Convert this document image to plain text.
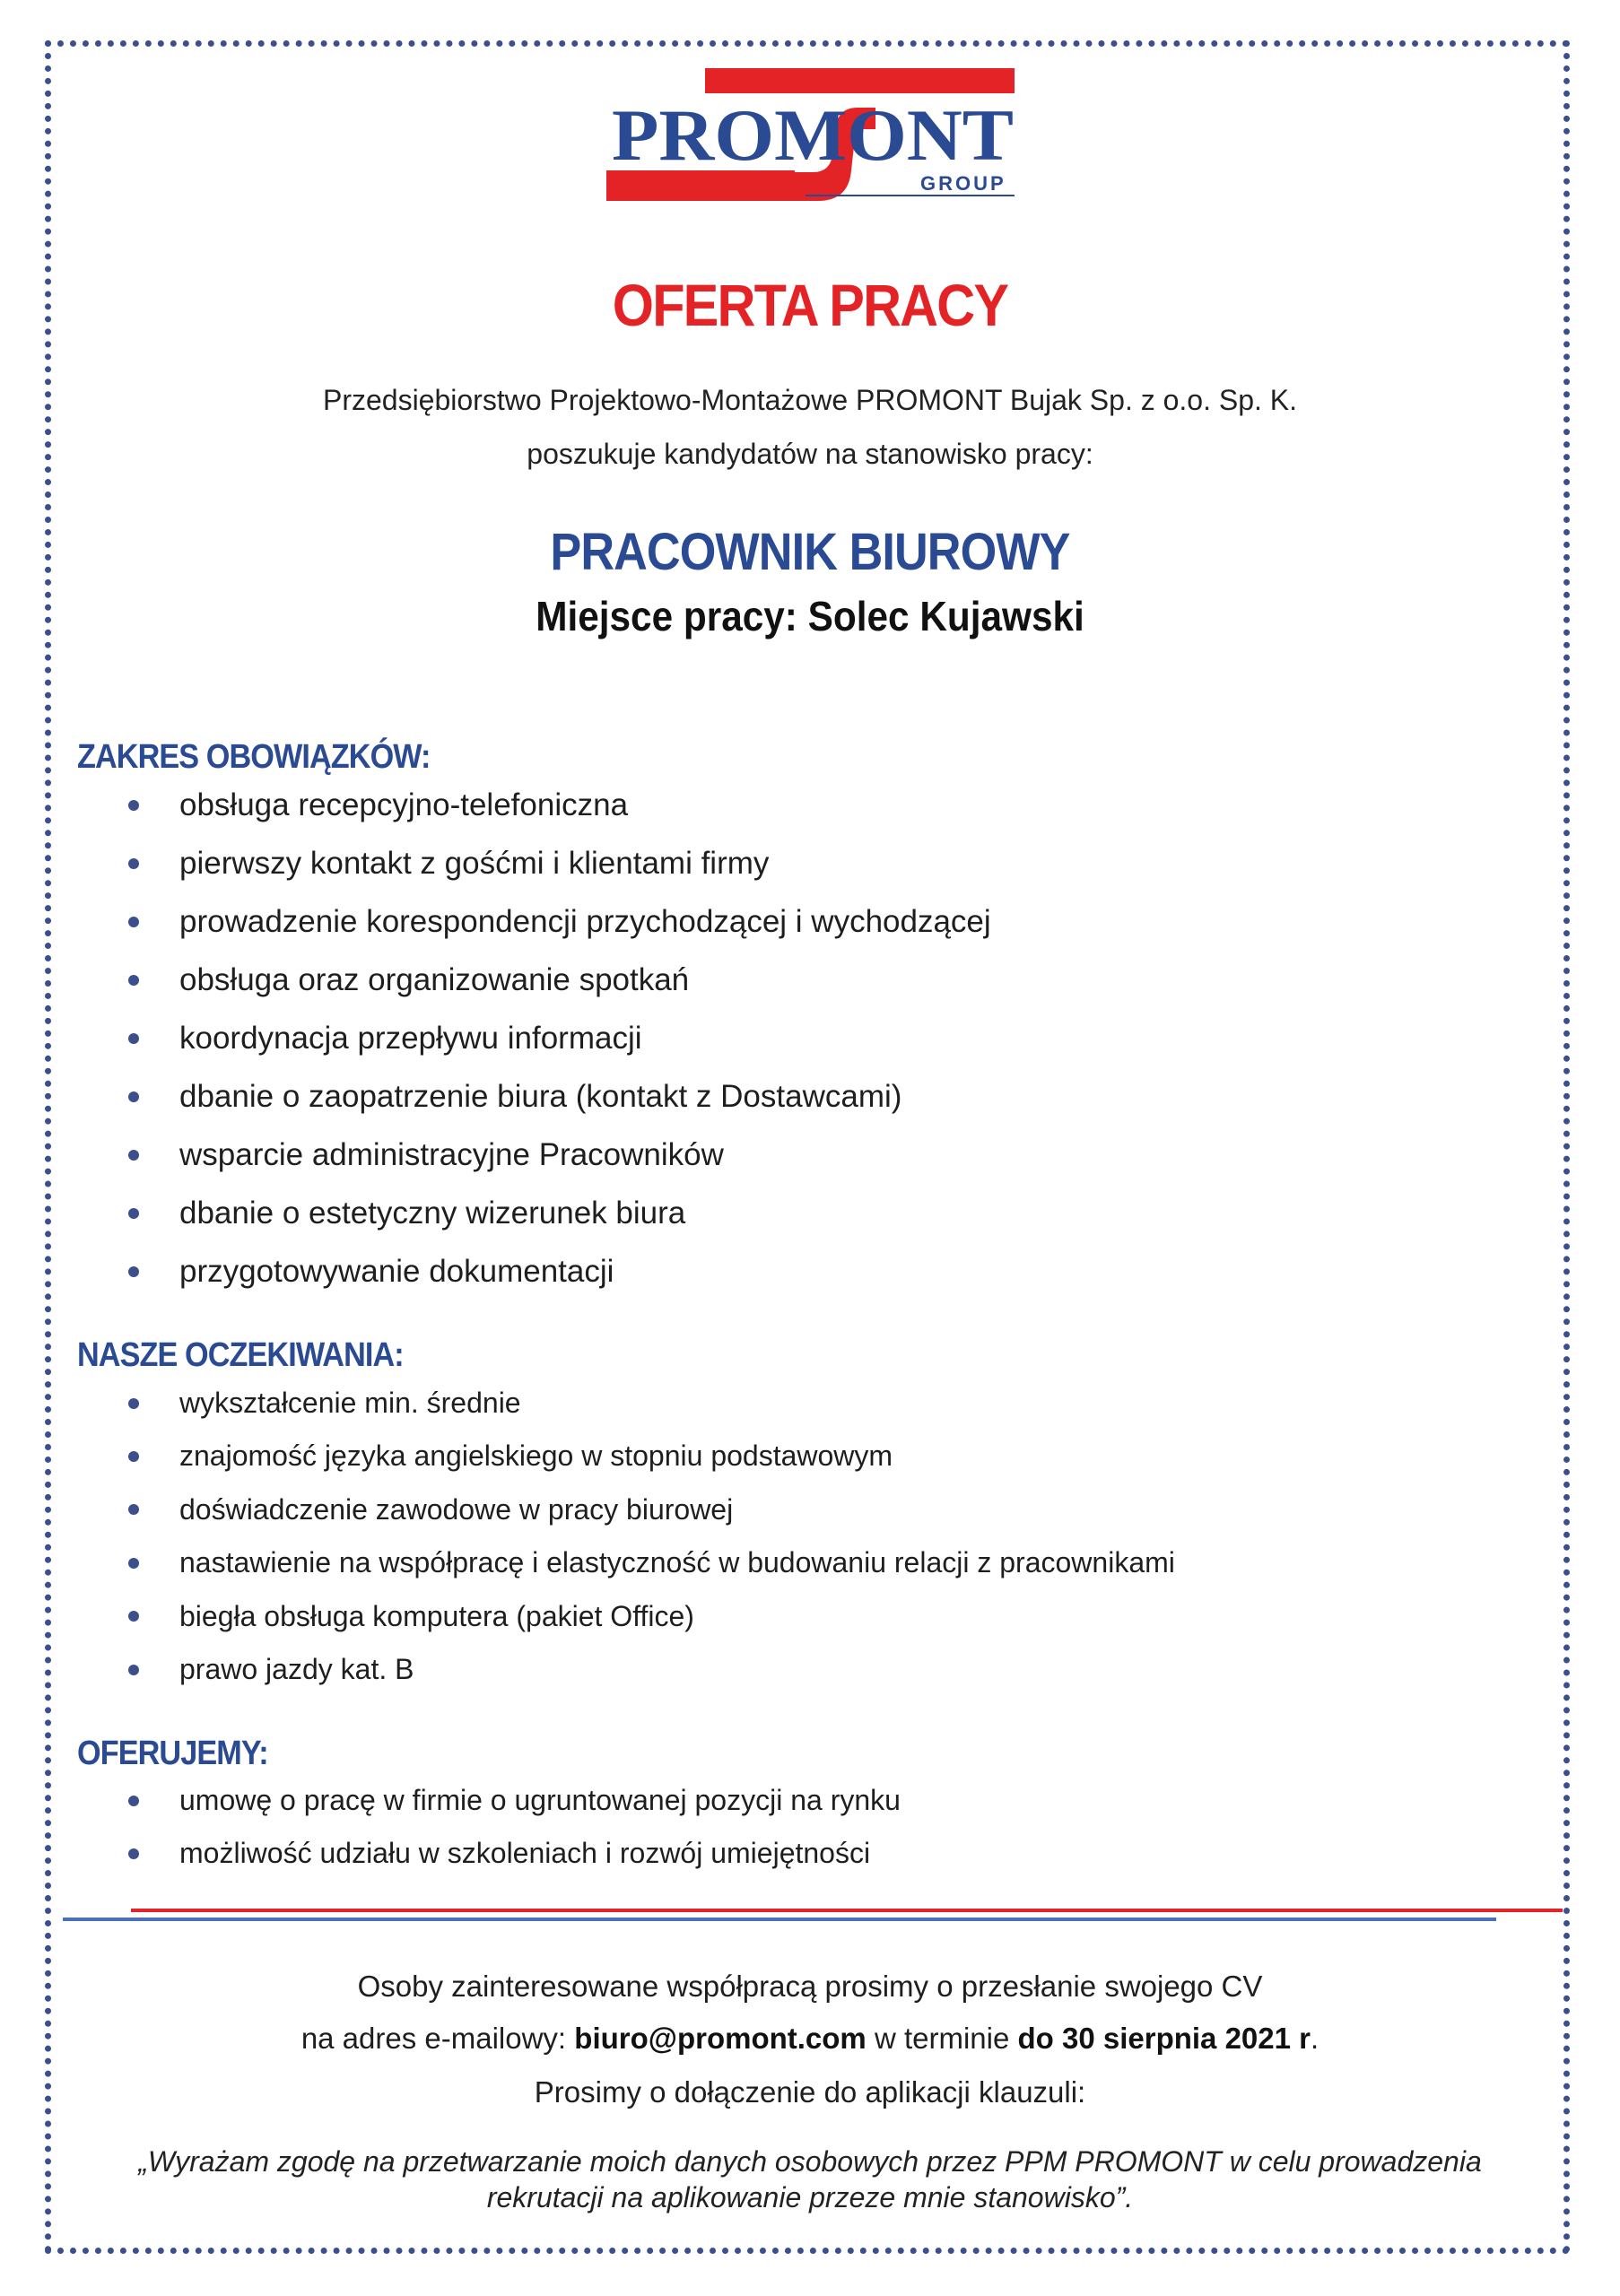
PROMONT
GROUP
OFERTA PRACY

Przedsiębiorstwo Projektowo-Montażowe PROMONT Bujak Sp. z o.o. Sp. K.

poszukuje kandydatów na stanowisko pracy:

PRACOWNIK BIUROWY

Miejsce pracy: Solec Kujawski

ZAKRES OBOWIĄZKÓW:
obsługa recepcyjno-telefoniczna
pierwszy kontakt z gośćmi i klientami firmy
prowadzenie korespondencji przychodzącej i wychodzącej
obsługa oraz organizowanie spotkań
koordynacja przepływu informacji
dbanie o zaopatrzenie biura (kontakt z Dostawcami)
wsparcie administracyjne Pracowników
dbanie o estetyczny wizerunek biura
przygotowywanie dokumentacji
NASZE OCZEKIWANIA:
wykształcenie min. średnie
znajomość języka angielskiego w stopniu podstawowym
doświadczenie zawodowe w pracy biurowej
nastawienie na współpracę i elastyczność w budowaniu relacji z pracownikami
biegła obsługa komputera (pakiet Office)
prawo jazdy kat. B
OFERUJEMY:
umowę o pracę w firmie o ugruntowanej pozycji na rynku
możliwość udziału w szkoleniach i rozwój umiejętności

Osoby zainteresowane współpracą prosimy o przesłanie swojego CV

na adres e-mailowy: biuro@promont.com w terminie do 30 sierpnia 2021 r.

Prosimy o dołączenie do aplikacji klauzuli:

„Wyrażam zgodę na przetwarzanie moich danych osobowych przez PPM PROMONT w celu prowadzenia
rekrutacji na aplikowanie przeze mnie stanowisko”.
